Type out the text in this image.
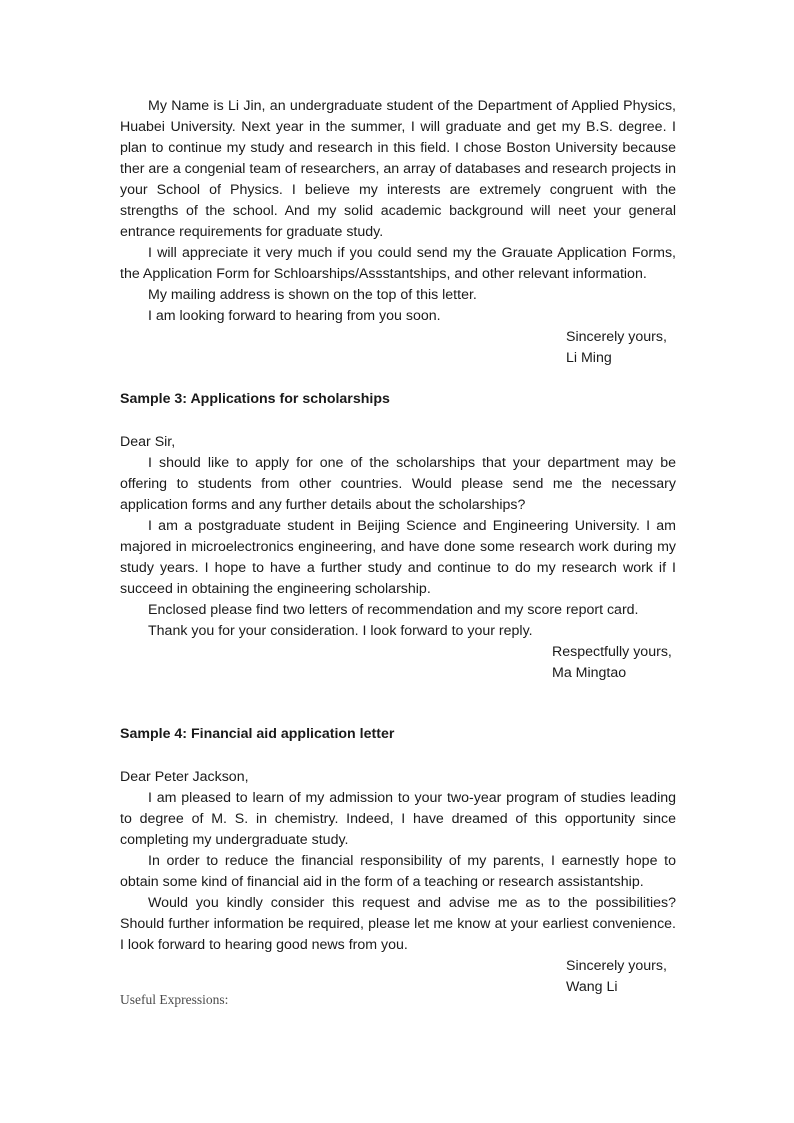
My Name is Li Jin, an undergraduate student of the Department of Applied Physics, Huabei University. Next year in the summer, I will graduate and get my B.S. degree. I plan to continue my study and research in this field. I chose Boston University because ther are a congenial team of researchers, an array of databases and research projects in your School of Physics. I believe my interests are extremely congruent with the strengths of the school. And my solid academic background will neet your general entrance requirements for graduate study.

I will appreciate it very much if you could send my the Grauate Application Forms, the Application Form for Schloarships/Assstantships, and other relevant information.

My mailing address is shown on the top of this letter.

I am looking forward to hearing from you soon.

Sincerely yours,

Li Ming

Sample 3: Applications for scholarships

Dear Sir,

I should like to apply for one of the scholarships that your department may be offering to students from other countries. Would please send me the necessary application forms and any further details about the scholarships?

I am a postgraduate student in Beijing Science and Engineering University. I am majored in microelectronics engineering, and have done some research work during my study years. I hope to have a further study and continue to do my research work if I succeed in obtaining the engineering scholarship.

Enclosed please find two letters of recommendation and my score report card.

Thank you for your consideration. I look forward to your reply.

Respectfully yours,

Ma Mingtao

Sample 4: Financial aid application letter

Dear Peter Jackson,

I am pleased to learn of my admission to your two-year program of studies leading to degree of M. S. in chemistry. Indeed, I have dreamed of this opportunity since completing my undergraduate study.

In order to reduce the financial responsibility of my parents, I earnestly hope to obtain some kind of financial aid in the form of a teaching or research assistantship.

Would you kindly consider this request and advise me as to the possibilities? Should further information be required, please let me know at your earliest convenience. I look forward to hearing good news from you.

Sincerely yours,

Wang Li

Useful Expressions:
